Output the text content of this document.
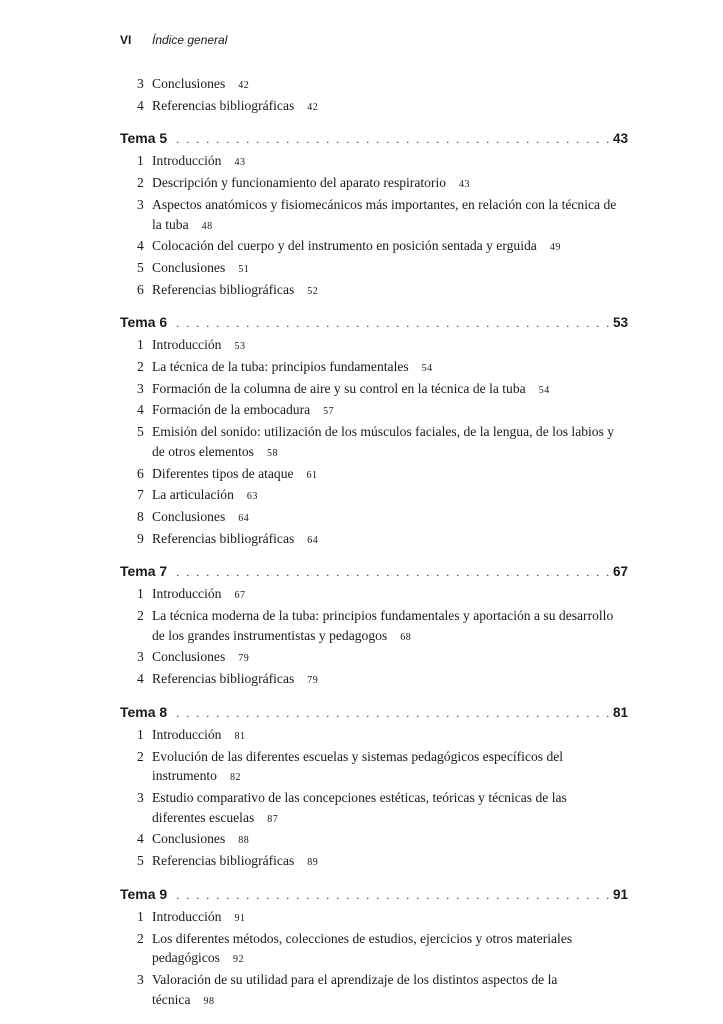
VI Índice general
3 Conclusiones 42
4 Referencias bibliográficas 42
Tema 5 .....	43
1 Introducción 43
2 Descripción y funcionamiento del aparato respiratorio 43
3 Aspectos anatómicos y fisiomecánicos más importantes, en relación con la técnica de la tuba 48
4 Colocación del cuerpo y del instrumento en posición sentada y erguida 49
5 Conclusiones 51
6 Referencias bibliográficas 52
Tema 6 .....	53
1 Introducción 53
2 La técnica de la tuba: principios fundamentales 54
3 Formación de la columna de aire y su control en la técnica de la tuba 54
4 Formación de la embocadura 57
5 Emisión del sonido: utilización de los músculos faciales, de la lengua, de los labios y de otros elementos 58
6 Diferentes tipos de ataque 61
7 La articulación 63
8 Conclusiones 64
9 Referencias bibliográficas 64
Tema 7 .....	67
1 Introducción 67
2 La técnica moderna de la tuba: principios fundamentales y aportación a su desarrollo de los grandes instrumentistas y pedagogos 68
3 Conclusiones 79
4 Referencias bibliográficas 79
Tema 8 .....	81
1 Introducción 81
2 Evolución de las diferentes escuelas y sistemas pedagógicos específicos del instrumento 82
3 Estudio comparativo de las concepciones estéticas, teóricas y técnicas de las diferentes escuelas 87
4 Conclusiones 88
5 Referencias bibliográficas 89
Tema 9 .....	91
1 Introducción 91
2 Los diferentes métodos, colecciones de estudios, ejercicios y otros materiales pedagógicos 92
3 Valoración de su utilidad para el aprendizaje de los distintos aspectos de la técnica 98
